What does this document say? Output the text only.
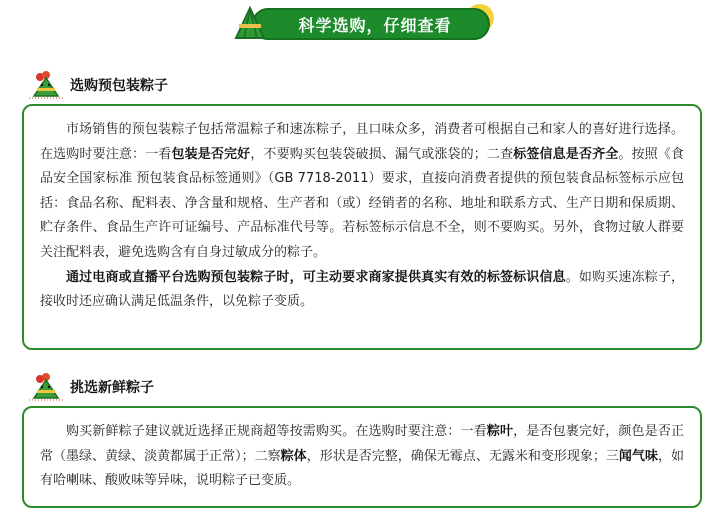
科学选购，仔细查看
选购预包装粽子

市场销售的预包装粽子包括常温粽子和速冻粽子，且口味众多，消费者可根据自己和家人的喜好进行选择。在选购时要注意：一看包装是否完好，不要购买包装袋破损、漏气或涨袋的；二查标签信息是否齐全。按照《食品安全国家标准 预包装食品标签通则》（GB 7718-2011）要求，直接向消费者提供的预包装食品标签标示应包括：食品名称、配料表、净含量和规格、生产者和（或）经销者的名称、地址和联系方式、生产日期和保质期、贮存条件、食品生产许可证编号、产品标准代号等。若标签标示信息不全，则不要购买。另外，食物过敏人群要关注配料表，避免选购含有自身过敏成分的粽子。

通过电商或直播平台选购预包装粽子时，可主动要求商家提供真实有效的标签标识信息。如购买速冻粽子，接收时还应确认满足低温条件，以免粽子变质。

挑选新鲜粽子

购买新鲜粽子建议就近选择正规商超等按需购买。在选购时要注意：一看粽叶，是否包裹完好，颜色是否正常（墨绿、黄绿、淡黄都属于正常）；二察粽体，形状是否完整，确保无霉点、无露米和变形现象；三闻气味，如有哈喇味、酸败味等异味，说明粽子已变质。
